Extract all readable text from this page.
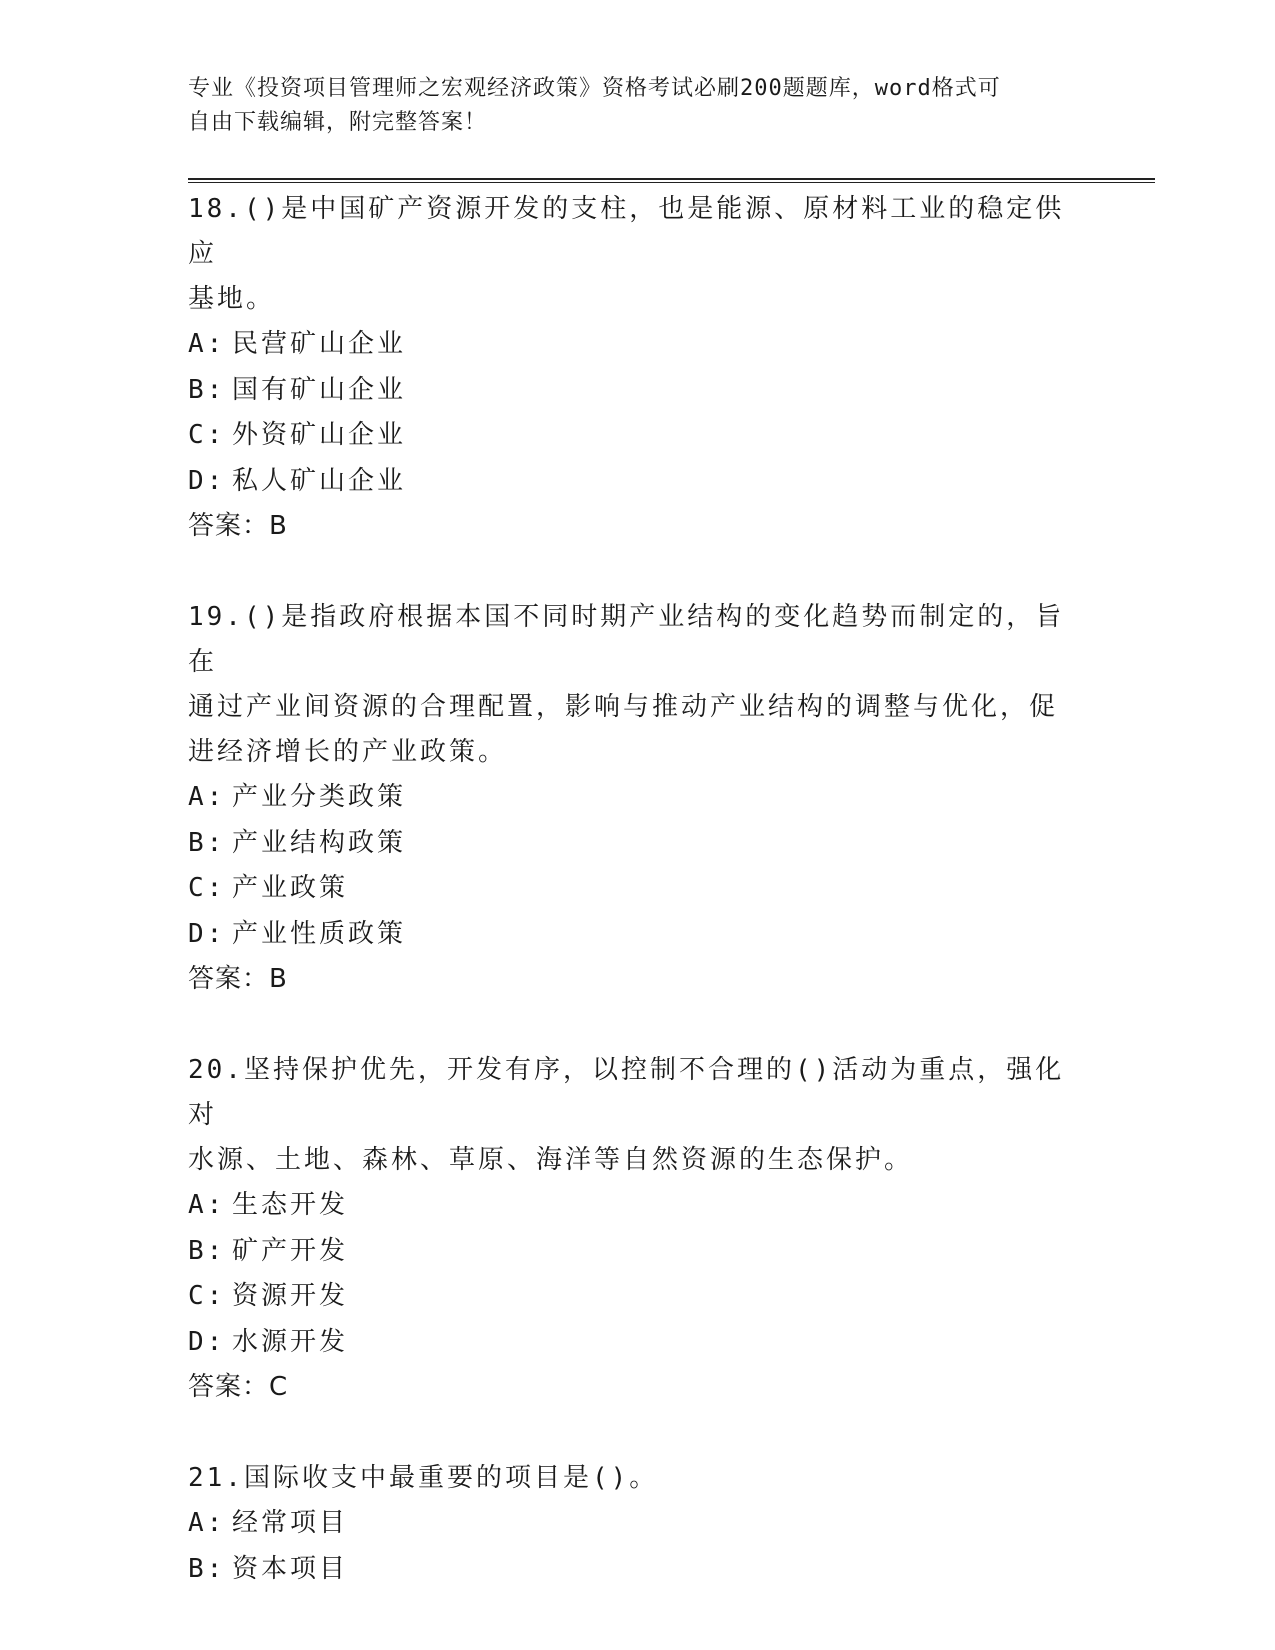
专业《投资项目管理师之宏观经济政策》资格考试必刷200题题库，word格式可
自由下载编辑，附完整答案！
18.()是中国矿产资源开发的支柱，也是能源、原材料工业的稳定供应
基地。
A: 民营矿山企业
B: 国有矿山企业
C: 外资矿山企业
D: 私人矿山企业
答案：B
19.()是指政府根据本国不同时期产业结构的变化趋势而制定的，旨在
通过产业间资源的合理配置，影响与推动产业结构的调整与优化，促
进经济增长的产业政策。
A: 产业分类政策
B: 产业结构政策
C: 产业政策
D: 产业性质政策
答案：B
20.坚持保护优先，开发有序，以控制不合理的()活动为重点，强化对
水源、土地、森林、草原、海洋等自然资源的生态保护。
A: 生态开发
B: 矿产开发
C: 资源开发
D: 水源开发
答案：C
21.国际收支中最重要的项目是()。
A: 经常项目
B: 资本项目
